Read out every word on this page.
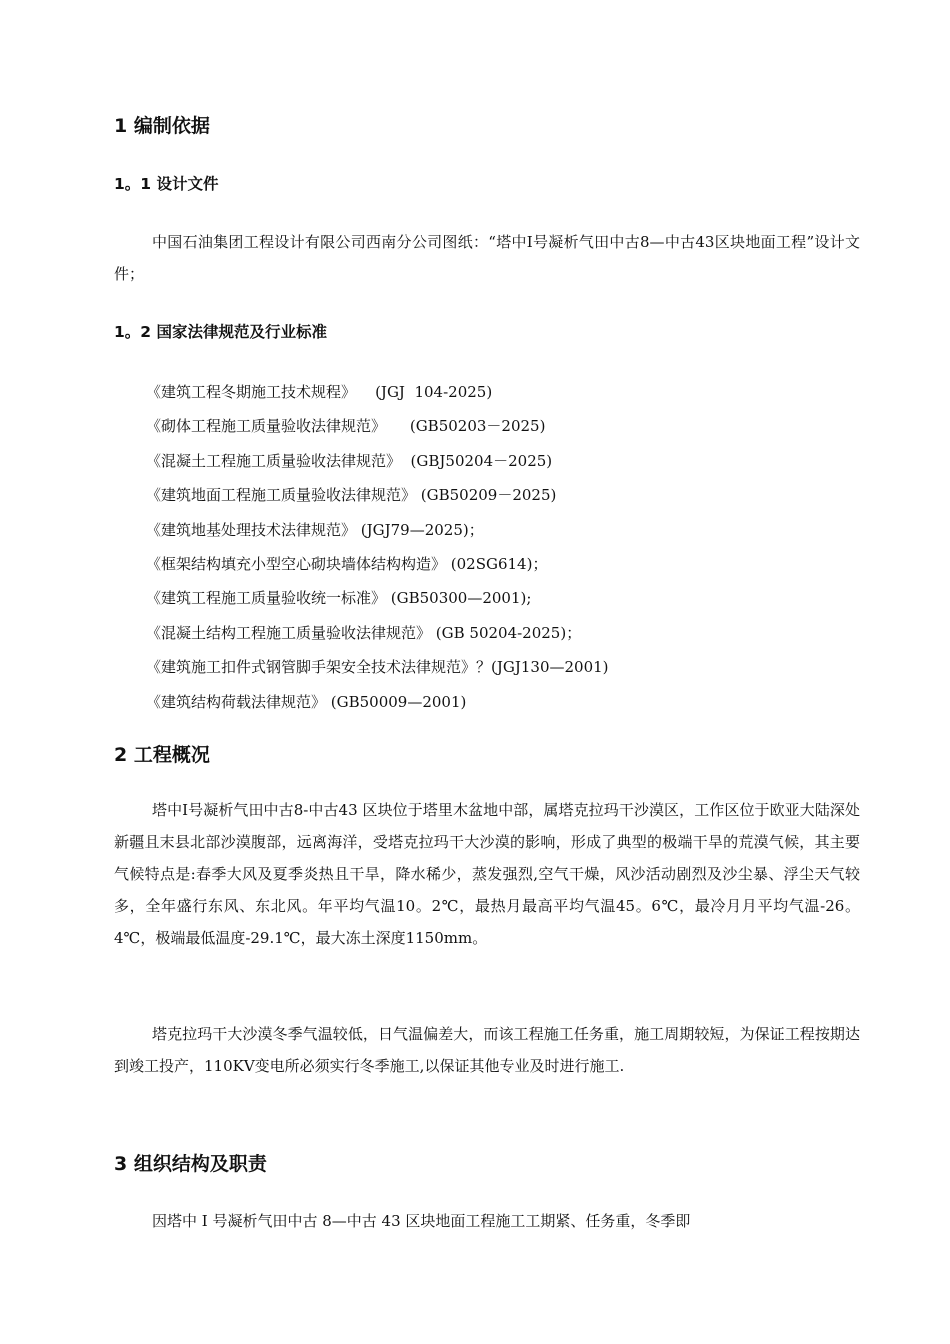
1 编制依据
1。1 设计文件

中国石油集团工程设计有限公司西南分公司图纸：“塔中Ⅰ号凝析气田中古8—中古43区块地面工程”设计文件；

1。2 国家法律规范及行业标准
《建筑工程冬期施工技术规程》    (JGJ  104-2025)
《砌体工程施工质量验收法律规范》     (GB50203－2025)
《混凝土工程施工质量验收法律规范》  (GBJ50204－2025)
《建筑地面工程施工质量验收法律规范》 (GB50209－2025)
《建筑地基处理技术法律规范》 (JGJ79—2025)；
《框架结构填充小型空心砌块墙体结构构造》 (02SG614)；
《建筑工程施工质量验收统一标准》 (GB50300—2001);
《混凝土结构工程施工质量验收法律规范》 (GB 50204-2025)；
《建筑施工扣件式钢管脚手架安全技术法律规范》？(JGJ130—2001)
《建筑结构荷载法律规范》 (GB50009—2001)
2 工程概况

塔中Ⅰ号凝析气田中古8-中古43 区块位于塔里木盆地中部，属塔克拉玛干沙漠区，工作区位于欧亚大陆深处新疆且末县北部沙漠腹部，远离海洋，受塔克拉玛干大沙漠的影响，形成了典型的极端干旱的荒漠气候，其主要气候特点是:春季大风及夏季炎热且干旱，降水稀少，蒸发强烈,空气干燥，风沙活动剧烈及沙尘暴、浮尘天气较多，全年盛行东风、东北风。年平均气温10。2℃，最热月最高平均气温45。6℃，最冷月月平均气温-26。4℃，极端最低温度-29.1℃，最大冻土深度1150mm。

塔克拉玛干大沙漠冬季气温较低，日气温偏差大，而该工程施工任务重，施工周期较短，为保证工程按期达到竣工投产，110KV变电所必须实行冬季施工,以保证其他专业及时进行施工.

3 组织结构及职责

因塔中 Ⅰ 号凝析气田中古 8—中古 43 区块地面工程施工工期紧、任务重，冬季即
